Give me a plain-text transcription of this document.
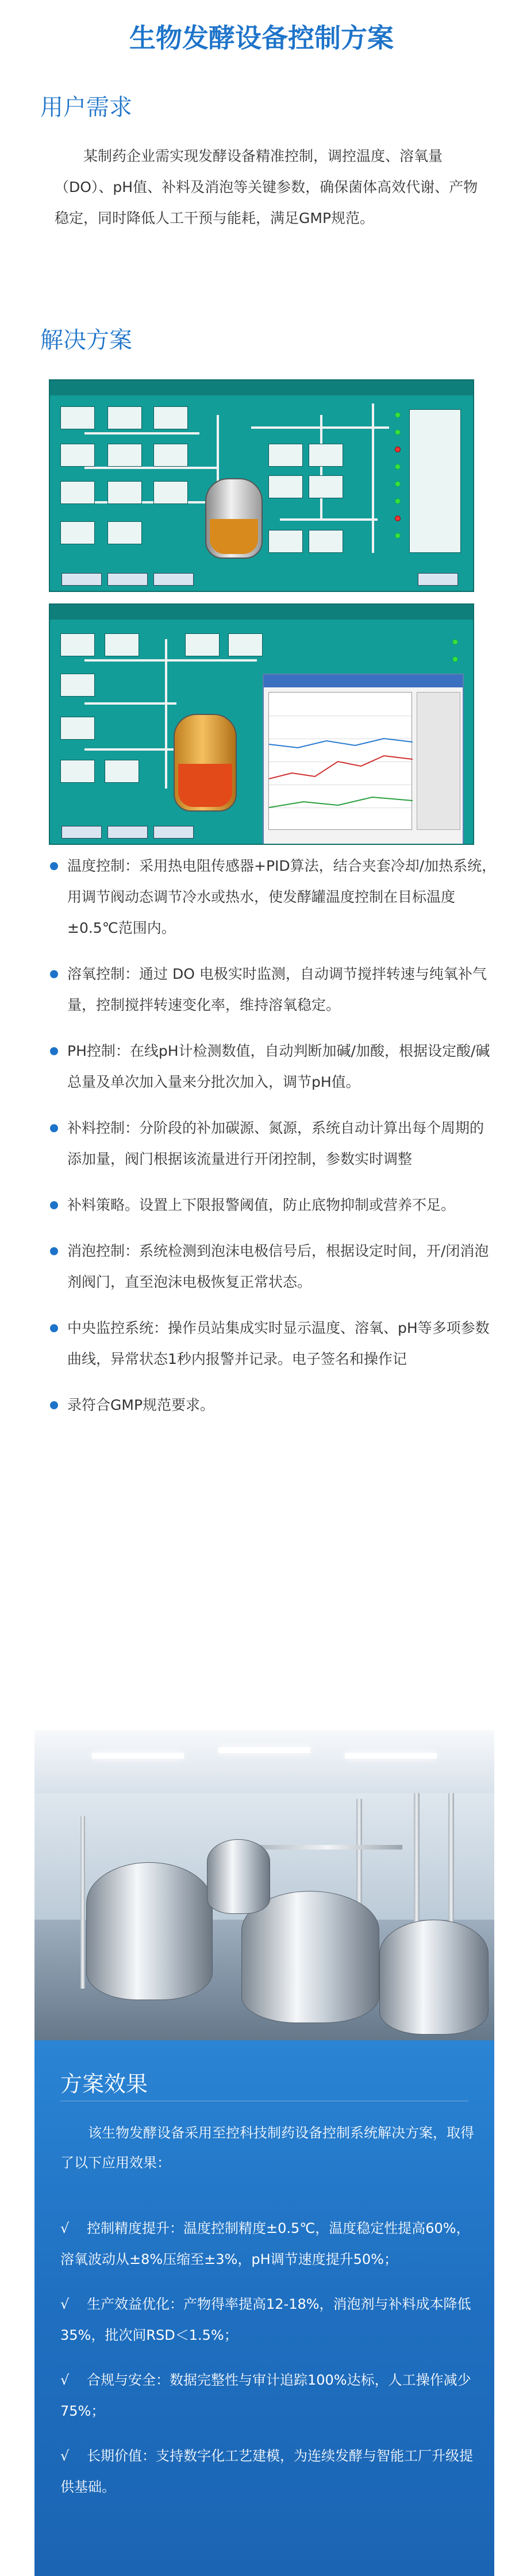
生物发酵设备控制方案
用户需求
某制药企业需实现发酵设备精准控制，调控温度、溶氧量（DO）、pH值、补料及消泡等关键参数，确保菌体高效代谢、产物稳定，同时降低人工干预与能耗，满足GMP规范。
解决方案
温度控制：采用热电阻传感器+PID算法，结合夹套冷却/加热系统，用调节阀动态调节冷水或热水，使发酵罐温度控制在目标温度±0.5℃范围内。
溶氧控制：通过 DO 电极实时监测，自动调节搅拌转速与纯氧补气量，控制搅拌转速变化率，维持溶氧稳定。
PH控制：在线pH计检测数值，自动判断加碱/加酸，根据设定酸/碱总量及单次加入量来分批次加入，调节pH值。
补料控制：分阶段的补加碳源、氮源，系统自动计算出每个周期的添加量，阀门根据该流量进行开闭控制，参数实时调整
补料策略。设置上下限报警阈值，防止底物抑制或营养不足。
消泡控制：系统检测到泡沫电极信号后，根据设定时间，开/闭消泡剂阀门，直至泡沫电极恢复正常状态。
中央监控系统：操作员站集成实时显示温度、溶氧、pH等多项参数曲线，异常状态1秒内报警并记录。电子签名和操作记
录符合GMP规范要求。
方案效果
该生物发酵设备采用至控科技制药设备控制系统解决方案，取得了以下应用效果：
√ 控制精度提升：温度控制精度±0.5℃，温度稳定性提高60%，溶氧波动从±8%压缩至±3%，pH调节速度提升50%；
√ 生产效益优化：产物得率提高12-18%，消泡剂与补料成本降低35%，批次间RSD＜1.5%；
√ 合规与安全：数据完整性与审计追踪100%达标，人工操作减少75%；
√ 长期价值：支持数字化工艺建模，为连续发酵与智能工厂升级提供基础。
